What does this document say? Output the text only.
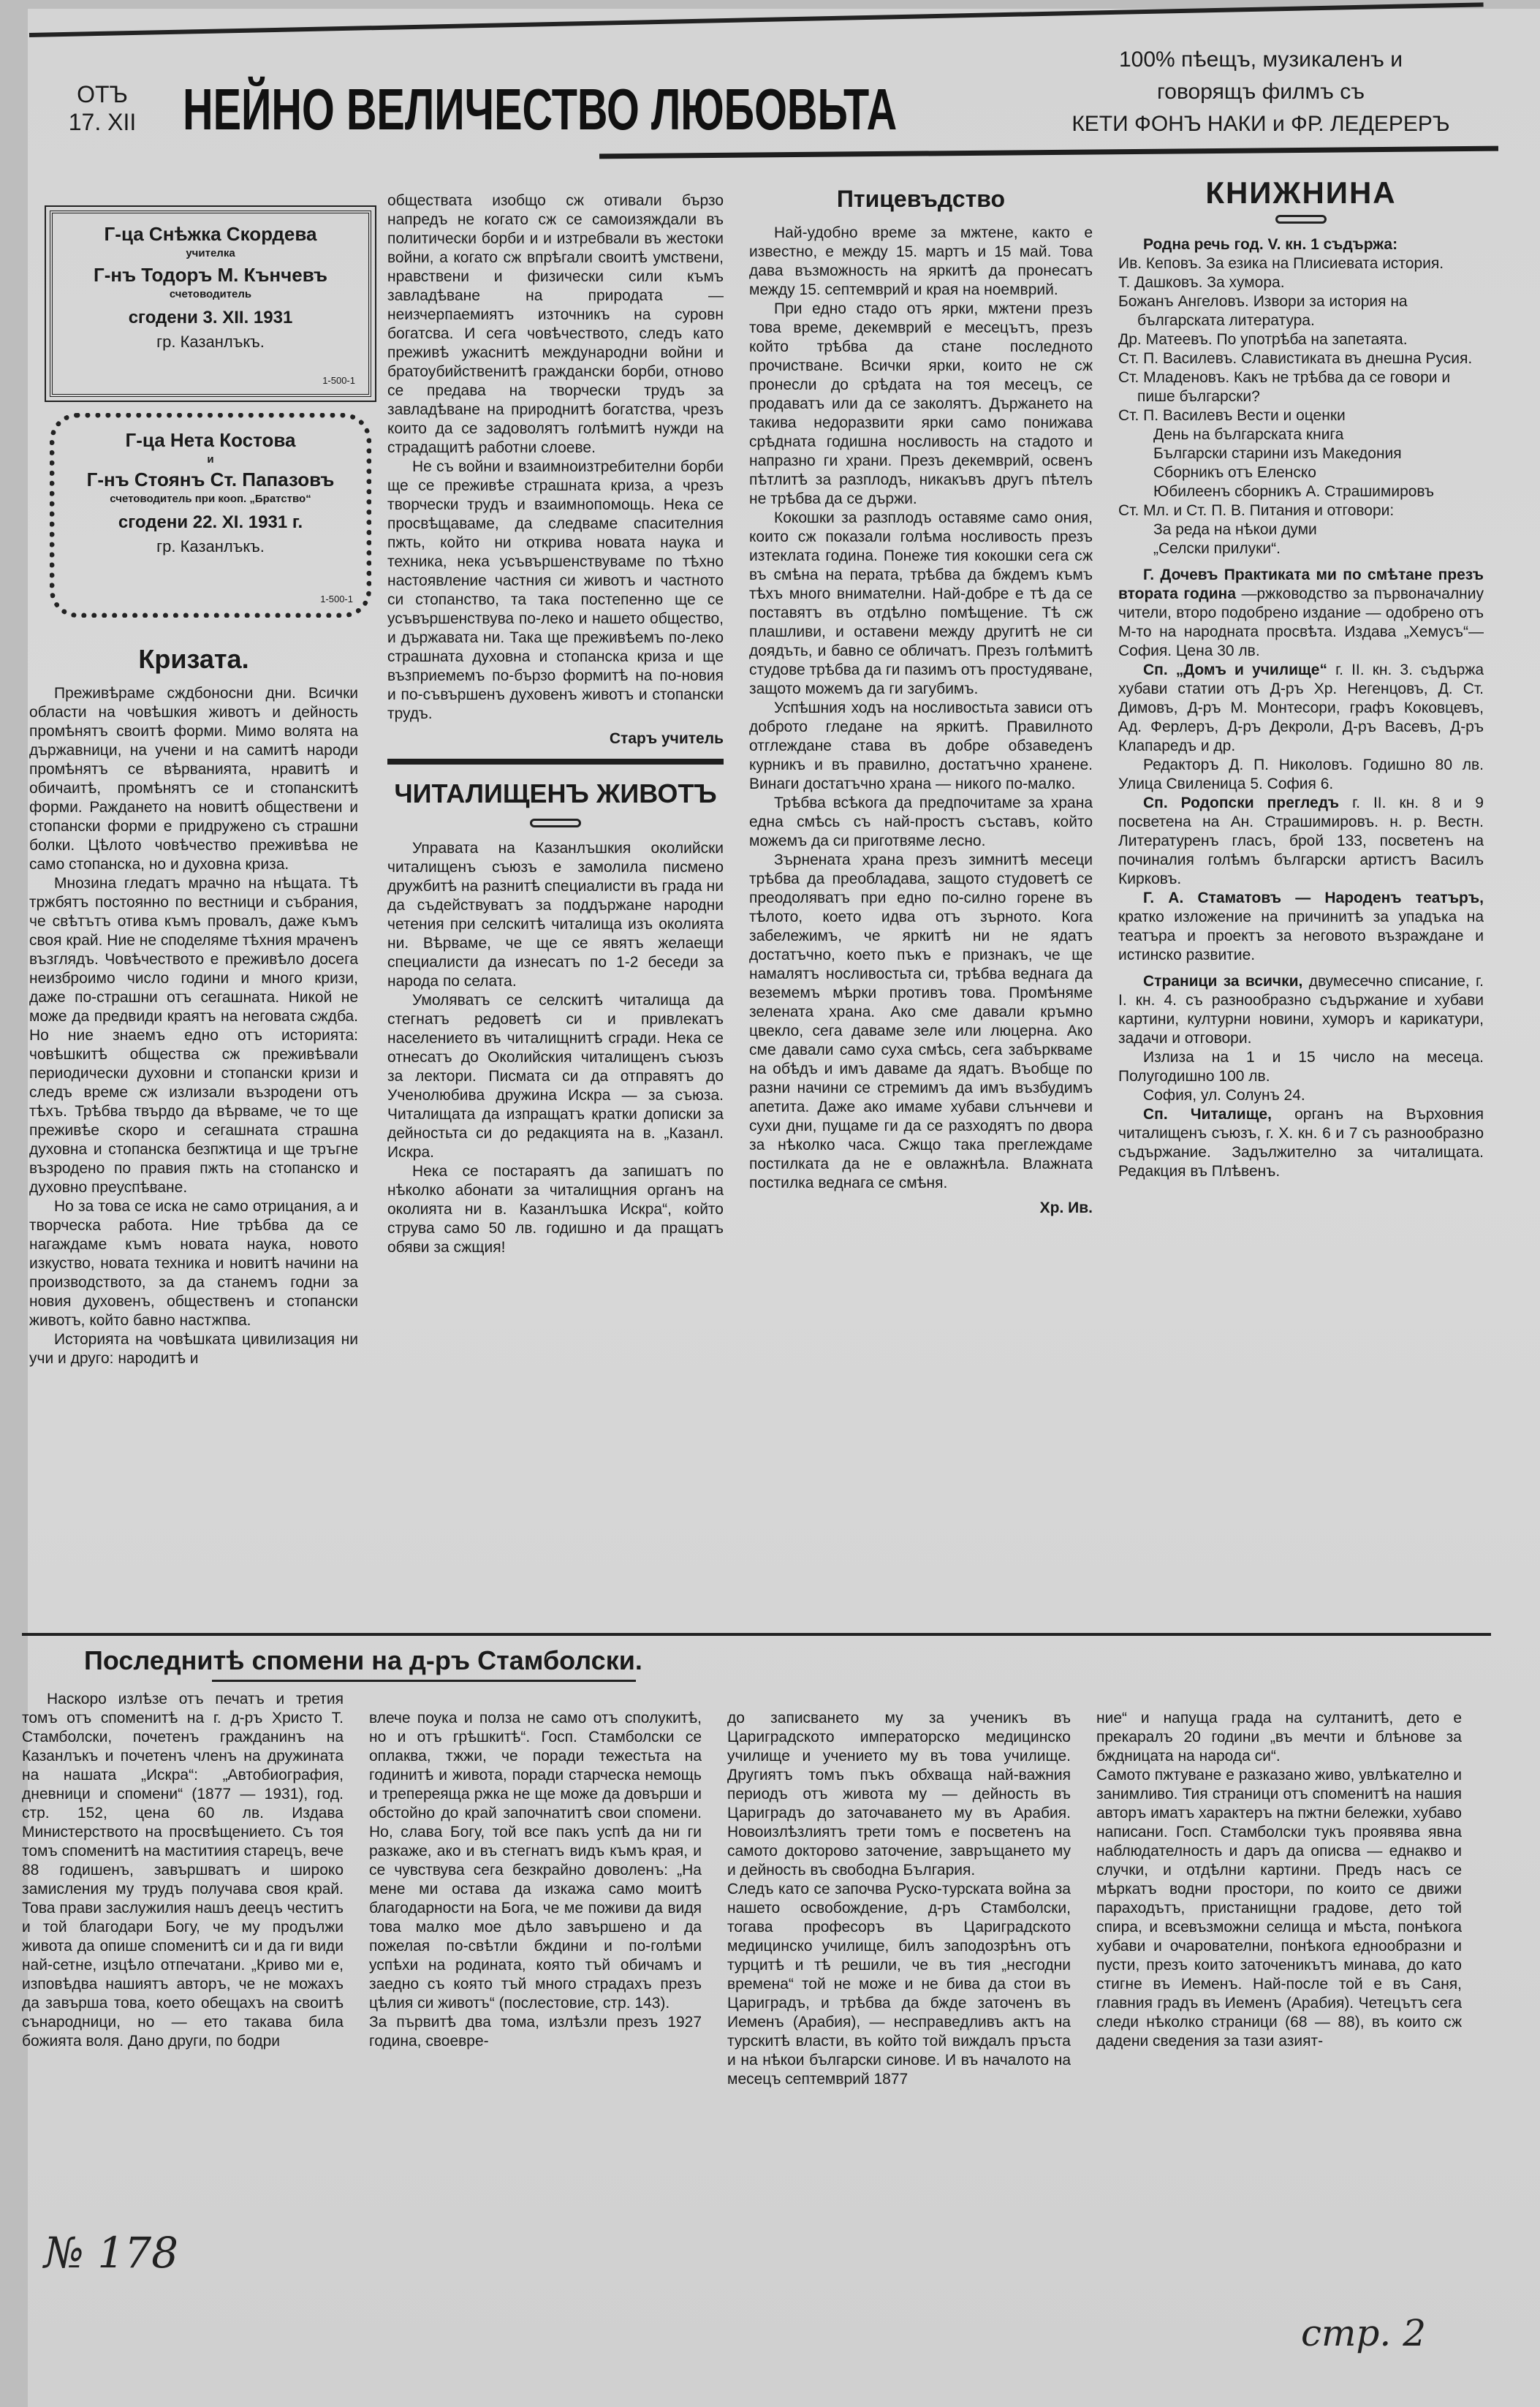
ОТЪ
17. XII НЕЙНО ВЕЛИЧЕСТВО ЛЮБОВЬТА
100% пѣещъ, музикаленъ и
говорящъ филмъ съ
КЕТИ ФОНЪ НАКИ и ФР. ЛЕДЕРЕРЪ
Г-ца Снѣжка Скордева
учителка
Г-нъ Тодоръ М. Кънчевъ
счетоводитель
сгодени 3. XII. 1931
гр. Казанлъкъ.
1-500-1
Г-ца Нета Костова
и
Г-нъ Стоянъ Ст. Папазовъ
счетоводитель при кооп. „Братство“
сгодени 22. XI. 1931 г.
гр. Казанлъкъ.
1-500-1
Кризата.

Преживѣраме сждбоносни дни. Всички области на човѣшкия животъ и дейность промѣнятъ своитѣ форми. Мимо волята на държавници, на учени и на самитѣ народи промѣнятъ се вѣрванията, нравитѣ и обичаитѣ, промѣнятъ се и стопанскитѣ форми. Раждането на новитѣ обществени и стопански форми е придружено съ страшни болки. Цѣлото човѣчество преживѣва не само стопанска, но и духовна криза.

Мнозина гледатъ мрачно на нѣщата. Тѣ тржбятъ постоянно по вестници и събрания, че свѣтътъ отива къмъ провалъ, даже къмъ своя край. Ние не споделяме тѣхния мраченъ възглядъ. Човѣчеството е преживѣло досега неизброимо число години и много кризи, даже по-страшни отъ сегашната. Никой не може да предвиди краятъ на неговата сждба. Но ние знаемъ едно отъ историята: човѣшкитѣ общества сж преживѣвали периодически духовни и стопански кризи и следъ време сж излизали възродени отъ тѣхъ. Трѣбва твърдо да вѣрваме, че то ще преживѣе скоро и сегашната страшна духовна и стопанска безпжтица и ще тръгне възродено по правия пжть на стопанско и духовно преуспѣване.

Но за това се иска не само отрицания, а и творческа работа. Ние трѣбва да се нагаждаме къмъ новата наука, новото изкуство, новата техника и новитѣ начини на производството, за да станемъ годни за новия духовенъ, общественъ и стопански животъ, който бавно настжпва.

Историята на човѣшката цивилизация ни учи и друго: народитѣ и

обществата изобщо сж отивали бързо напредъ не когато сж се самоизяждали въ политически борби и и изтрeбвали въ жестоки войни, а когато сж впрѣгали своитѣ умствени, нравствени и физически сили къмъ завладѣване на природата — неизчерпаемиятъ източникъ на суровн богатсва. И сега човѣчеството, следъ като преживѣ ужаснитѣ международни войни и братоубийственитѣ граждански борби, отново се предава на творчески трудъ за завладѣване на природнитѣ богатства, чрезъ които да се задоволятъ голѣмитѣ нужди на страдащитѣ работни слоеве.

Не съ войни и взаимноизтребителни борби ще се преживѣе страшната криза, а чрезъ творчески трудъ и взаимнопомощь. Нека се просвѣщаваме, да следваме спасителния пжть, който ни открива новата наука и техника, нека усъвършенствуваме по тѣхно настоявление частния си животъ и частното си стопанство, та така постепенно ще се усъвършенствува по-леко и нашето общество, и държавата ни. Така ще преживѣемъ по-леко страшната духовна и стопанска криза и ще възприемемъ по-бързо формитѣ на по-новия и по-съвършенъ духовенъ животъ и стопански трудъ.

Старъ учитель

ЧИТАЛИЩЕНЪ ЖИВОТЪ

Управата на Казанлъшкия околийски читалищенъ съюзъ е замолила писмено дружбитѣ на разнитѣ специалисти въ града ни да съдействуватъ за поддържане народни четения при селскитѣ читалища изъ околията ни. Вѣрваме, че ще се явятъ желаещи специалисти да изнесатъ по 1-2 беседи за народа по селата.

Умоляватъ се селскитѣ читалища да стегнатъ редоветѣ си и привлекатъ населението въ читалищнитѣ сгради. Нека се отнесатъ до Околийския читалищенъ съюзъ за лектори. Писмата си да отправятъ до Ученолюбива дружина Искра — за съюза. Читалищата да изпращатъ кратки дописки за дейностьта си до редакцията на в. „Казанл. Искра.

Нека се постараятъ да запишатъ по нѣколко абонати за читалищния органъ на околията ни в. Казанлъшка Искра“, който струва само 50 лв. годишно и да пращатъ обяви за сжщия!

Птицевъдство

Най-удобно време за мжтене, както е известно, е между 15. мартъ и 15 май. Това дава възможность на яркитѣ да пронесатъ между 15. септемврий и края на ноемврий.

При едно стадо отъ ярки, мжтени презъ това време, декемврий е месецътъ, презъ който трѣбва да стане последното прочистване. Всички ярки, които не сж пронесли до срѣдата на тоя месецъ, се продаватъ или да се заколятъ. Държането на такива недоразвити ярки само понижава срѣдната годишна носливость на стадото и напразно ги храни. Презъ декемврий, освенъ пѣтлитѣ за разплодъ, никакъвъ другъ пѣтелъ не трѣбва да се държи.

Кокошки за разплодъ оставяме само ония, които сж показали голѣма носливость презъ изтеклата година. Понеже тия кокошки сега сж въ смѣна на перата, трѣбва да бждемъ къмъ тѣхъ много внимателни. Най-добре е тѣ да се поставятъ въ отдѣлно помѣщение. Тѣ сж плашливи, и оставени между другитѣ не си доядъть, и бавно се обличатъ. Презъ голѣмитѣ студове трѣбва да ги пазимъ отъ простудяване, защото можемъ да ги загубимъ.

Успѣшния ходъ на носливостьта зависи отъ доброто гледане на яркитѣ. Правилното отглеждане става въ добре обзаведенъ курникъ и въ правилно, достатъчно хранене. Винаги достатъчно храна — никого по-малко.

Трѣбва всѣкога да предпочитаме за храна една смѣсь съ най-простъ съставъ, който можемъ да си приготвяме лесно.

Зърнената храна презъ зимнитѣ месеци трѣбва да преобладава, защото студоветѣ се преодоляватъ при едно по-силно горене въ тѣлото, което идва отъ зърното. Кога забележимъ, че яркитѣ ни не ядатъ достатъчно, което пъкъ е признакъ, че ще намалятъ носливостьта си, трѣбва веднага да веземемъ мѣрки противъ това. Промѣняме зелената храна. Ако сме давали кръмно цвекло, сега даваме зеле или люцерна. Ако сме давали само суха смѣсь, сега забъркваме на обѣдъ и имъ даваме да ядатъ. Въобще по разни начини се стремимъ да имъ възбудимъ апетита. Даже ако имаме хубави слънчеви и сухи дни, пущаме ги да се разходятъ по двора за нѣколко часа. Сжщо така преглеждаме постилката да не е овлажнѣла. Влажната постилка веднага се смѣня.

Хр. Ив.

КНИЖНИНА

Родна речь год. V. кн. 1 съдържа:

Ив. Кеповъ. За езика на Плисиевата история.

Т. Дашковъ. За хумора.

Божанъ Ангеловъ. Извори за история на българската литература.

Др. Матеевъ. По употрѣба на запетаята.

Ст. П. Василевъ. Славистиката въ днешна Русия.

Ст. Младеновъ. Какъ не трѣбва да се говори и пише български?

Ст. П. Василевъ Вести и оценки

День на българската книга

Български старини изъ Македония

Сборникъ отъ Еленско

Юбилеенъ сборникъ А. Страшимировъ

Ст. Мл. и Ст. П. В. Питания и отговори:

За реда на нѣкои думи

„Селски прилуки“.

Г. Дочевъ Практиката ми по смѣтане презъ втората година —ржководство за първоначалниу чители, второ подобрено издание — одобрено отъ М-то на народната просвѣта. Издава „Хемусъ“—София. Цена 30 лв.

Сп. „Домъ и училище“ г. II. кн. 3. съдържа хубави статии отъ Д-ръ Хр. Негенцовъ, Д. Ст. Димовъ, Д-ръ М. Монтесори, графъ Коковцевъ, Ад. Ферлеръ, Д-ръ Декроли, Д-ръ Васевъ, Д-ръ Клапаредъ и др.

Редакторъ Д. П. Николовъ. Годишно 80 лв. Улица Свиленица 5. София 6.

Сп. Родопски прегледъ г. II. кн. 8 и 9 посветена на Ан. Страшимировъ. н. р. Вестн. Литературенъ гласъ, брой 133, посветенъ на починалия голѣмъ български артистъ Василъ Кирковъ.

Г. А. Стаматовъ — Народенъ театъръ, кратко изложение на причинитѣ за упадъка на театъра и проектъ за неговото възраждане и истинско развитие.

Страници за всички, двумесечно списание, г. I. кн. 4. съ разнообразно съдържание и хубави картини, културни новини, хуморъ и карикатури, задачи и отговори.

Излиза на 1 и 15 число на месеца. Полугодишно 100 лв.

София, ул. Солунъ 24.

Сп. Читалище, органъ на Върховния читалищенъ съюзъ, г. X. кн. 6 и 7 съ разнообразно съдържание. Задължително за читалищата. Редакция въ Плѣвенъ.

Последнитѣ спомени на д-ръ Стамболски.

Наскоро излѣзе отъ печатъ и третия томъ отъ споменитѣ на г. д-ръ Христо Т. Стамболски, почетенъ гражданинъ на Казанлъкъ и почетенъ членъ на дружината на нашата „Искра“: „Автобиография, дневници и спомени“ (1877 — 1931), год. стр. 152, цена 60 лв. Издава Министерството на просвѣщението. Съ тоя томъ споменитѣ на маститиия старецъ, вече 88 годишенъ, завършватъ и широко замисления му трудъ получава своя край. Това прави заслужилия нашъ деецъ честитъ и той благодари Богу, че му продължи живота да опише споменитѣ си и да ги види най-сетне, изцѣло отпечатани. „Криво ми е, изповѣдва нашиятъ авторъ, че не можахъ да завърша това, което обещахъ на своитѣ сънародници, но — ето такава била божията воля. Дано други, по бодри

влече поука и полза не само отъ сполукитѣ, но и отъ грѣшкитѣ“. Госп. Стамболски се оплаква, тжжи, че поради тежестьта на годинитѣ и живота, поради старческа немощь и трепереяща ржка не ще може да довърши и обстойно до край започнатитѣ свои спомени. Но, слава Богу, той все пакъ успѣ да ни ги разкаже, ако и въ стегнатъ видъ къмъ края, и се чувствува сега безкрайно доволенъ: „На мене ми остава да изкажа само моитѣ благодарности на Бога, че ме поживи да видя това малко мое дѣло завършено и да пожелая по-свѣтли бждини и по-голѣми успѣхи на родината, която тъй обичамъ и заедно съ която тъй много страдахъ презъ цѣлия си животъ“ (послестовие, стр. 143).
За първитѣ два тома, излѣзли презъ 1927 година, своевре-

до записването му за ученикъ въ Цариградското императорско медицинско училище и учението му въ това училище. Другиятъ томъ пъкъ обхваща най-важния периодъ отъ живота му — дейность въ Цариградъ до заточаването му въ Арабия. Новоизлѣзлиятъ трети томъ е посветенъ на самото докторово заточение, завръщането му и дейность въ свободна България.
Следъ като се започва Руско-турската война за нашето освобождение, д-ръ Стамболски, тогава професоръ въ Цариградското медицинско училище, билъ заподозрѣнъ отъ турцитѣ и тѣ решили, че въ тия „несгодни времена“ той не може и не бива да стои въ Цариградъ, и трѣбва да бжде заточенъ въ Иеменъ (Арабия), — несправедливъ актъ на турскитѣ власти, въ който той виждалъ пръста и на нѣкои български синове. И въ началото на месецъ септемврий 1877

ние“ и напуща града на султанитѣ, дето е прекаралъ 20 години „въ мечти и блѣнове за бждницата на народа си“.
Самото пжтуване е разказано живо, увлѣкателно и занимливо. Тия страници отъ споменитѣ на нашия авторъ иматъ характеръ на пжтни бележки, хубаво написани. Госп. Стамболски тукъ проявява явна наблюдателность и даръ да описва — еднакво и случки, и отдѣлни картини. Предъ насъ се мѣркатъ водни простори, по които се движи параходътъ, пристанищни градове, дето той спира, и всевъзможни селища и мѣста, понѣкога хубави и очарователни, понѣкога еднообразни и пусти, презъ които заточеникътъ минава, до като стигне въ Иеменъ. Най-после той е въ Саня, главния градъ въ Иеменъ (Арабия). Четецътъ сега следи нѣколко страници (68 — 88), въ които сж дадени сведения за тази азият-

№ 178
стр. 2
